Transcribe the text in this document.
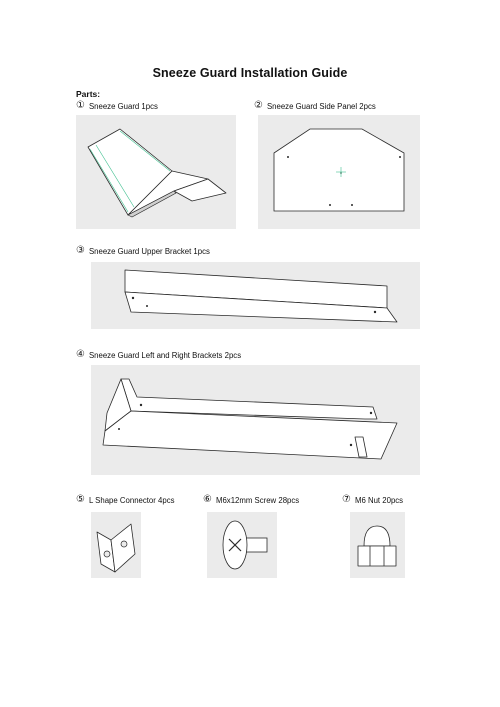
Sneeze Guard Installation Guide
Parts:
① Sneeze Guard 1pcs	② Sneeze Guard Side Panel 2pcs
③ Sneeze Guard Upper Bracket 1pcs
④ Sneeze Guard Left and Right Brackets 2pcs
⑤ L Shape Connector 4pcs	⑥ M6x12mm Screw 28pcs	⑦ M6 Nut 20pcs
